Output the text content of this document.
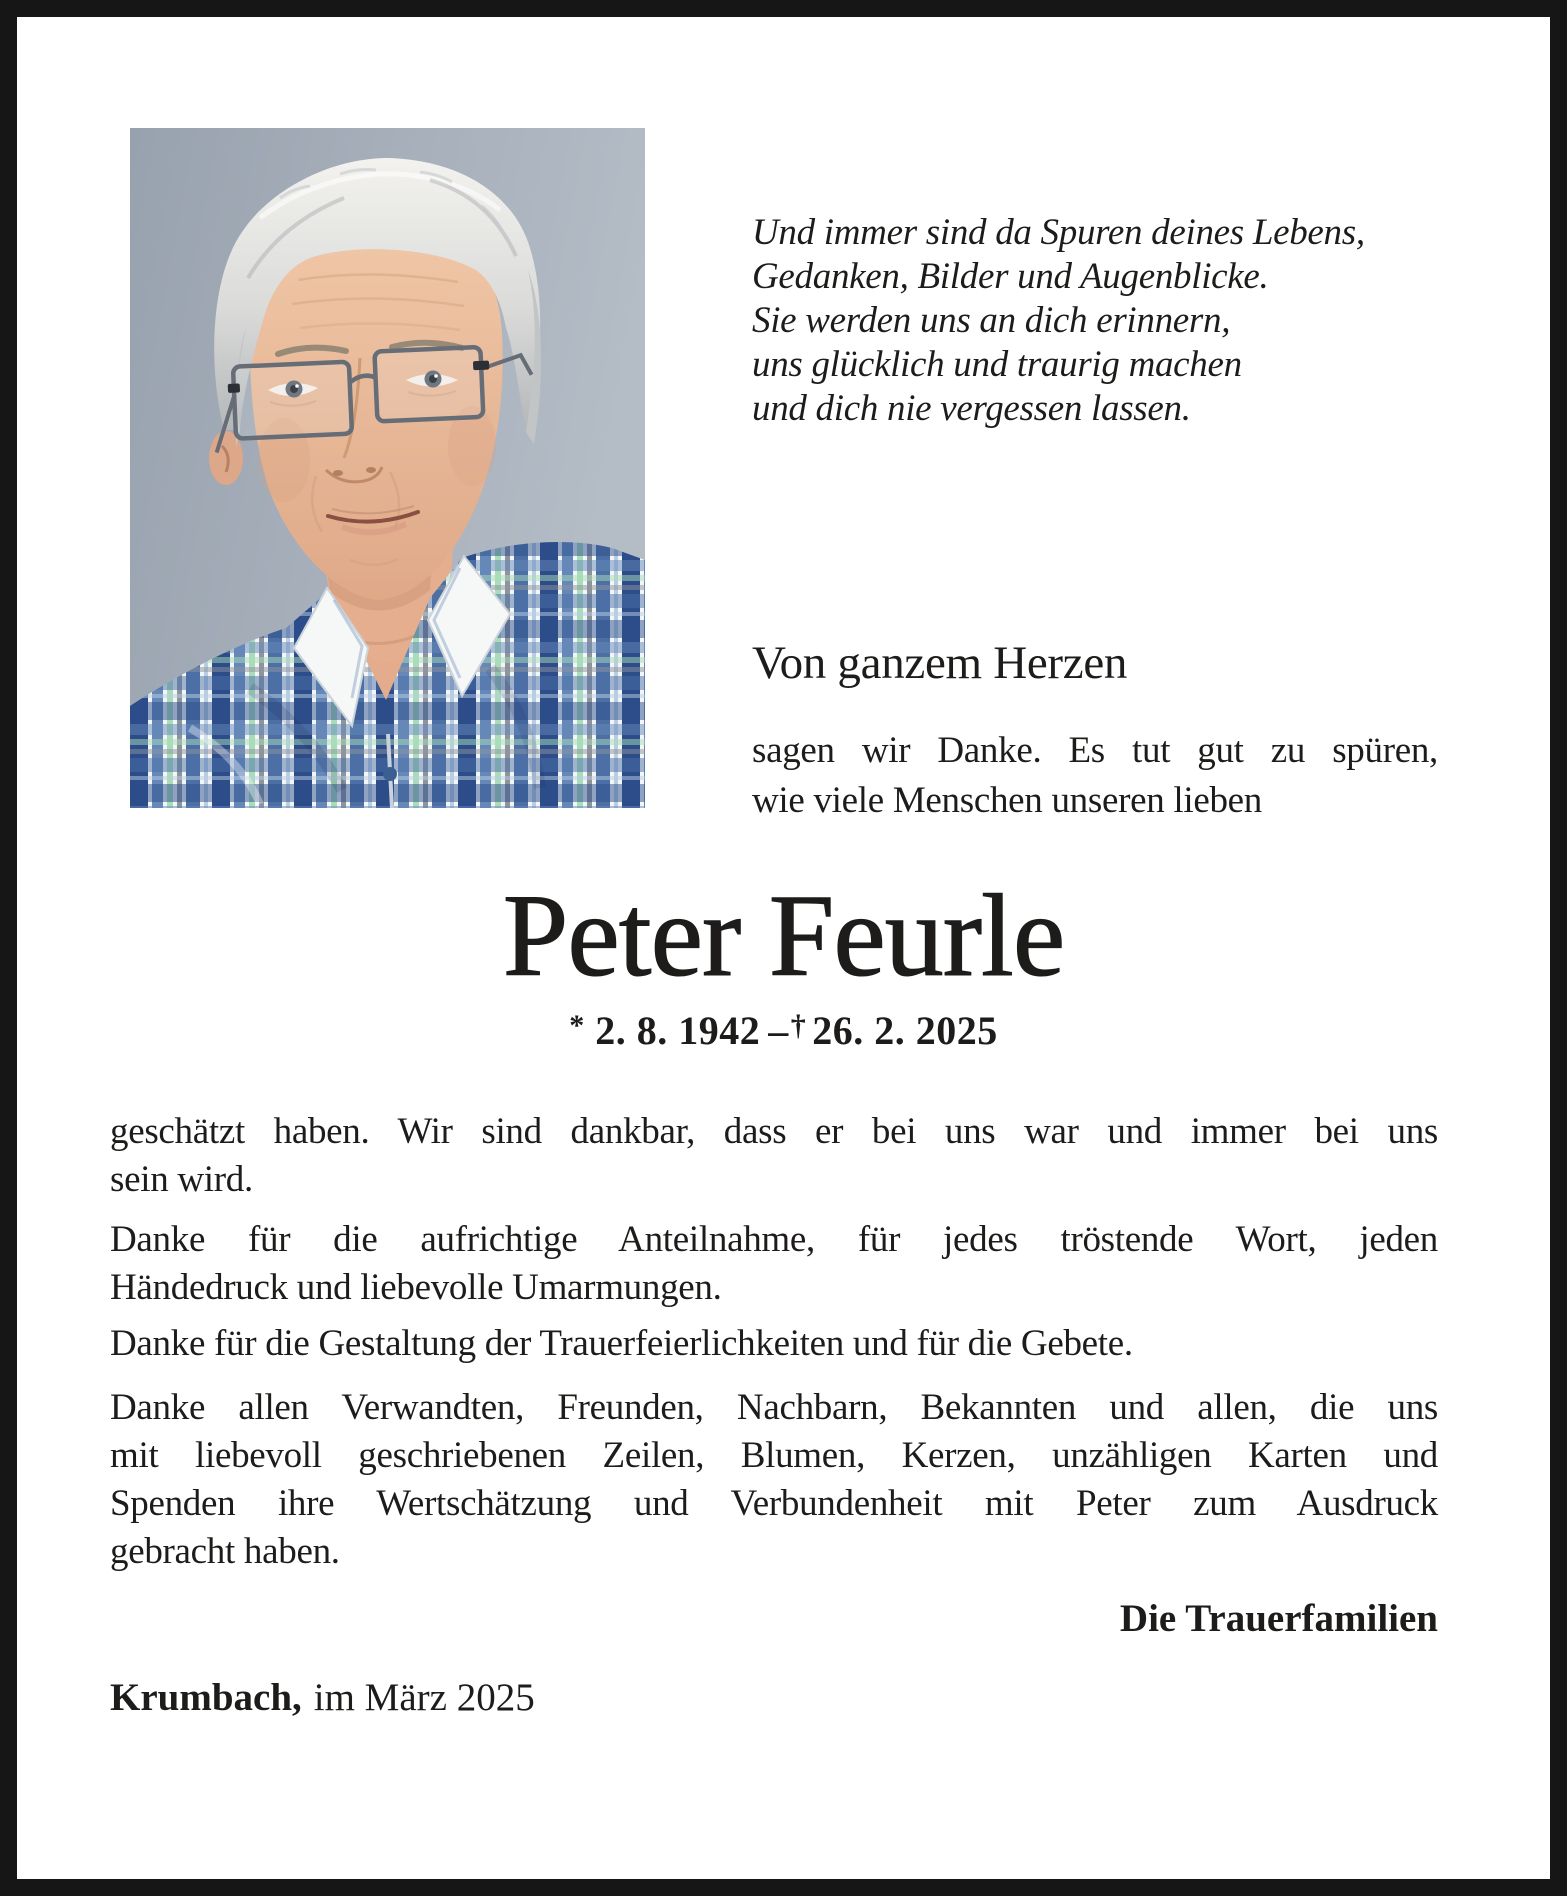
Und immer sind da Spuren deines Lebens,
Gedanken, Bilder und Augenblicke.
Sie werden uns an dich erinnern,
uns glücklich und traurig machen
und dich nie vergessen lassen.
Von ganzem Herzen
sagen wir Danke. Es tut gut zu spüren,
wie viele Menschen unseren lieben
Peter Feurle
* 2. 8. 1942 –† 26. 2. 2025
geschätzt haben. Wir sind dankbar, dass er bei uns war und immer bei uns
sein wird.
Danke für die aufrichtige Anteilnahme, für jedes tröstende Wort, jeden
Händedruck und liebevolle Umarmungen.
Danke für die Gestaltung der Trauerfeierlichkeiten und für die Gebete.
Danke allen Verwandten, Freunden, Nachbarn, Bekannten und allen, die uns
mit liebevoll geschriebenen Zeilen, Blumen, Kerzen, unzähligen Karten und
Spenden ihre Wertschätzung und Verbundenheit mit Peter zum Ausdruck
gebracht haben.
Die Trauerfamilien
Krumbach, im März 2025
